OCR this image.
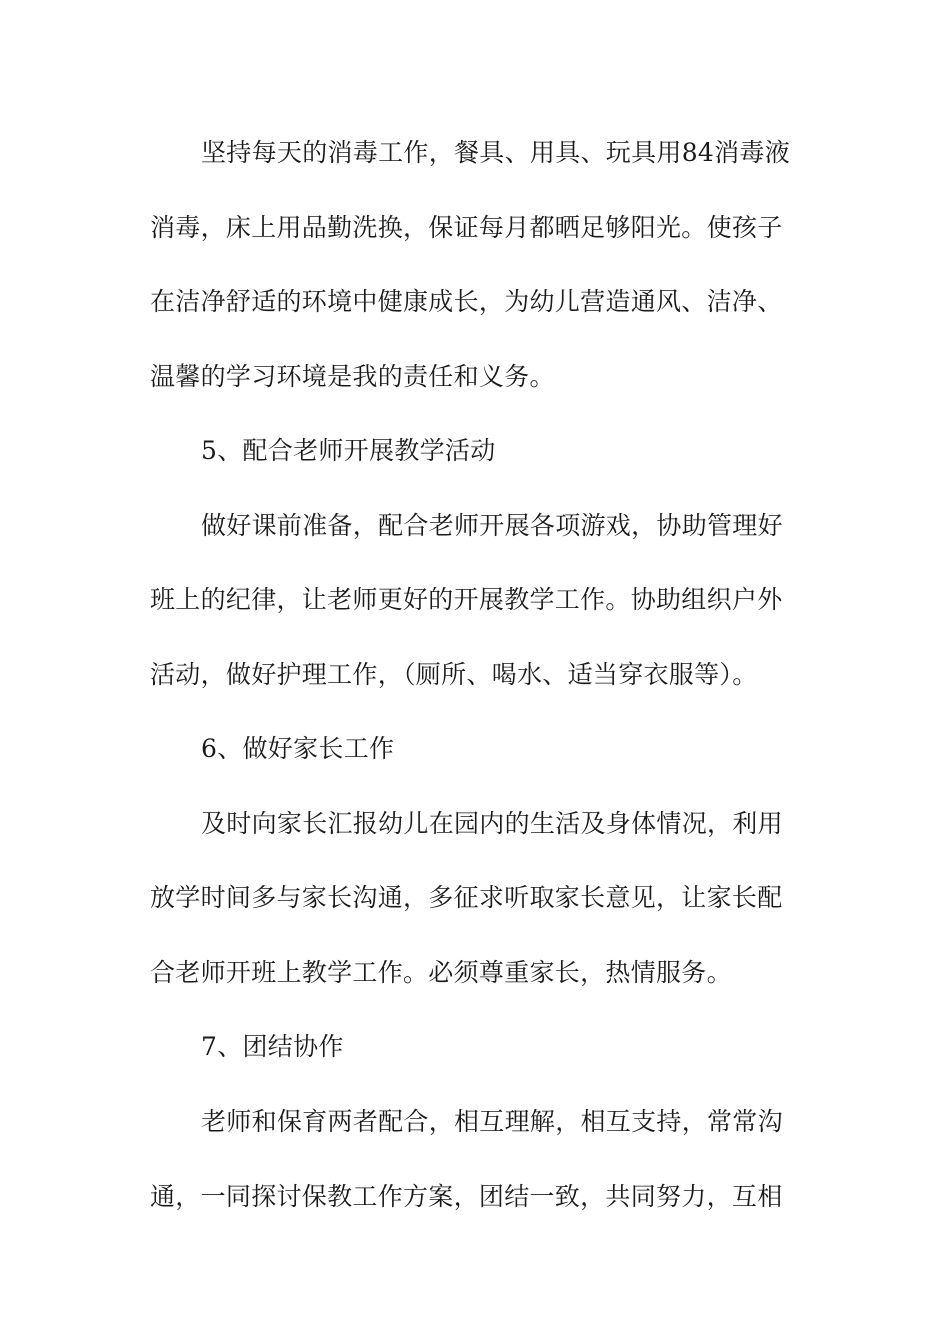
坚持每天的消毒工作，餐具、用具、玩具用84消毒液
消毒，床上用品勤洗换，保证每月都晒足够阳光。使孩子
在洁净舒适的环境中健康成长，为幼儿营造通风、洁净、
温馨的学习环境是我的责任和义务。
5、配合老师开展教学活动
做好课前准备，配合老师开展各项游戏，协助管理好
班上的纪律，让老师更好的开展教学工作。协助组织户外
活动，做好护理工作，（厕所、喝水、适当穿衣服等）。
6、做好家长工作
及时向家长汇报幼儿在园内的生活及身体情况，利用
放学时间多与家长沟通，多征求听取家长意见，让家长配
合老师开班上教学工作。必须尊重家长，热情服务。
7、团结协作
老师和保育两者配合，相互理解，相互支持，常常沟
通，一同探讨保教工作方案，团结一致，共同努力，互相
